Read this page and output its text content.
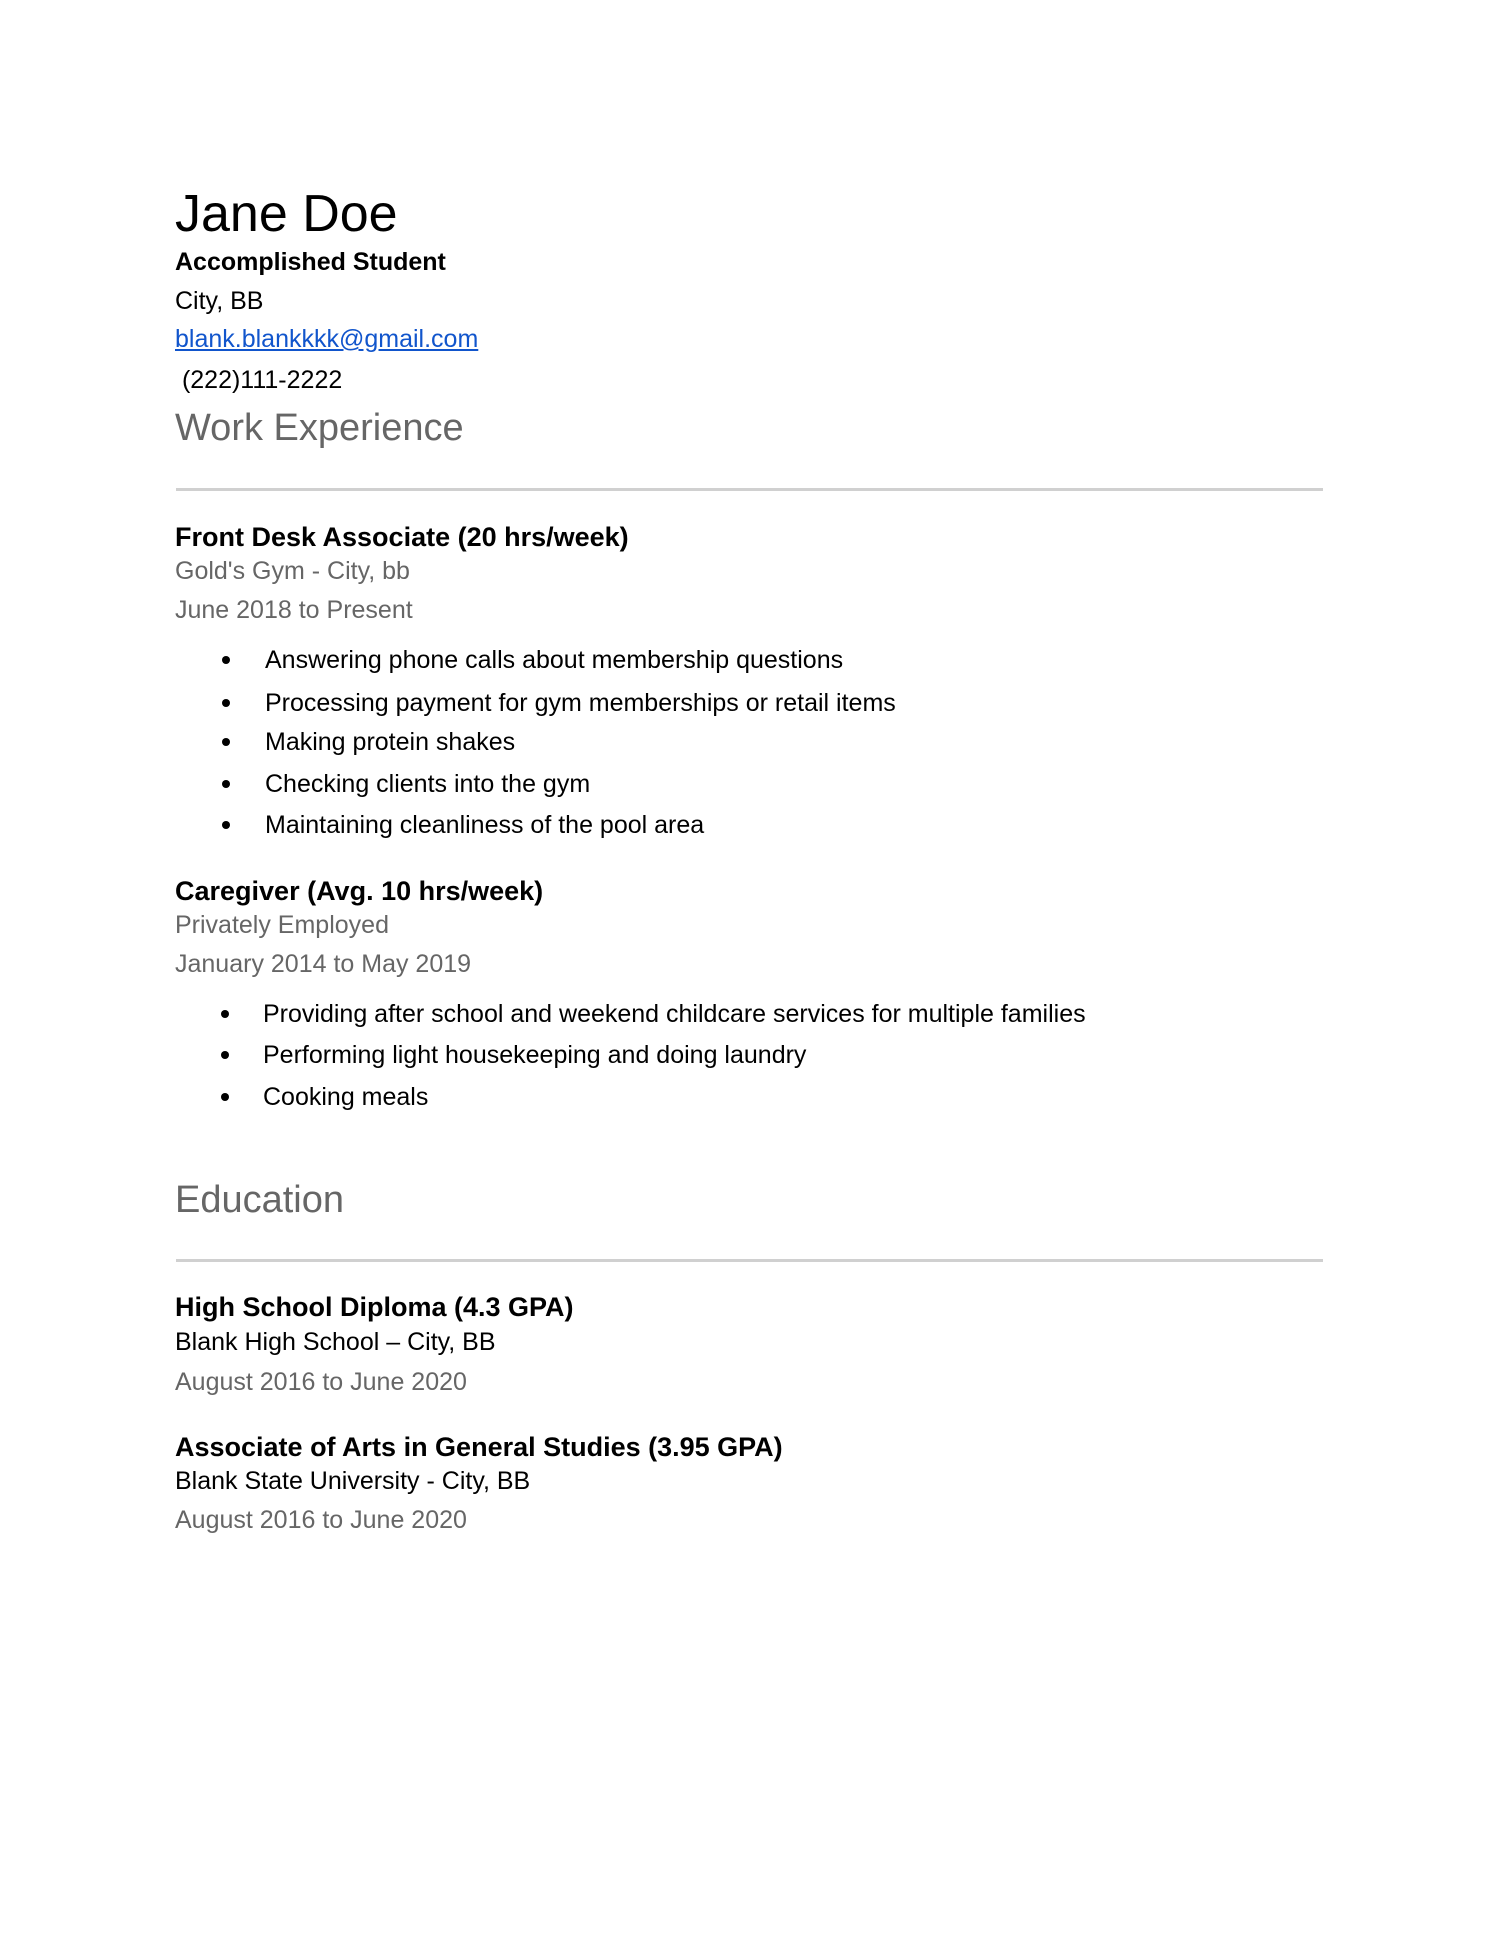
Jane Doe
Accomplished Student
City, BB
blank.blankkkk@gmail.com
(222)111-2222
Work Experience
Front Desk Associate (20 hrs/week)
Gold's Gym - City, bb
June 2018 to Present
Answering phone calls about membership questions
Processing payment for gym memberships or retail items
Making protein shakes
Checking clients into the gym
Maintaining cleanliness of the pool area
Caregiver (Avg. 10 hrs/week)
Privately Employed
January 2014 to May 2019
Providing after school and weekend childcare services for multiple families
Performing light housekeeping and doing laundry
Cooking meals
Education
High School Diploma (4.3 GPA)
Blank High School – City, BB
August 2016 to June 2020
Associate of Arts in General Studies (3.95 GPA)
Blank State University - City, BB
August 2016 to June 2020
